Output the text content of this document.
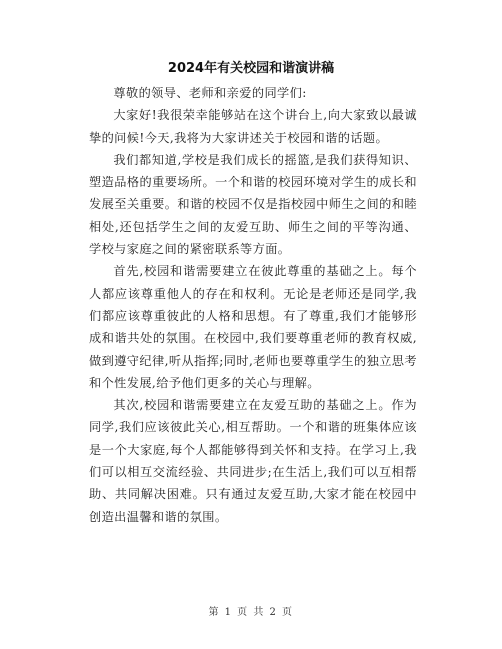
2024年有关校园和谐演讲稿

尊敬的领导、老师和亲爱的同学们:

大家好!我很荣幸能够站在这个讲台上,向大家致以最诚挚的问候!今天,我将为大家讲述关于校园和谐的话题。

我们都知道,学校是我们成长的摇篮,是我们获得知识、塑造品格的重要场所。一个和谐的校园环境对学生的成长和发展至关重要。和谐的校园不仅是指校园中师生之间的和睦相处,还包括学生之间的友爱互助、师生之间的平等沟通、学校与家庭之间的紧密联系等方面。

首先,校园和谐需要建立在彼此尊重的基础之上。每个人都应该尊重他人的存在和权利。无论是老师还是同学,我们都应该尊重彼此的人格和思想。有了尊重,我们才能够形成和谐共处的氛围。在校园中,我们要尊重老师的教育权威,做到遵守纪律,听从指挥;同时,老师也要尊重学生的独立思考和个性发展,给予他们更多的关心与理解。

其次,校园和谐需要建立在友爱互助的基础之上。作为同学,我们应该彼此关心,相互帮助。一个和谐的班集体应该是一个大家庭,每个人都能够得到关怀和支持。在学习上,我们可以相互交流经验、共同进步;在生活上,我们可以互相帮助、共同解决困难。只有通过友爱互助,大家才能在校园中创造出温馨和谐的氛围。

第 1 页 共 2 页
